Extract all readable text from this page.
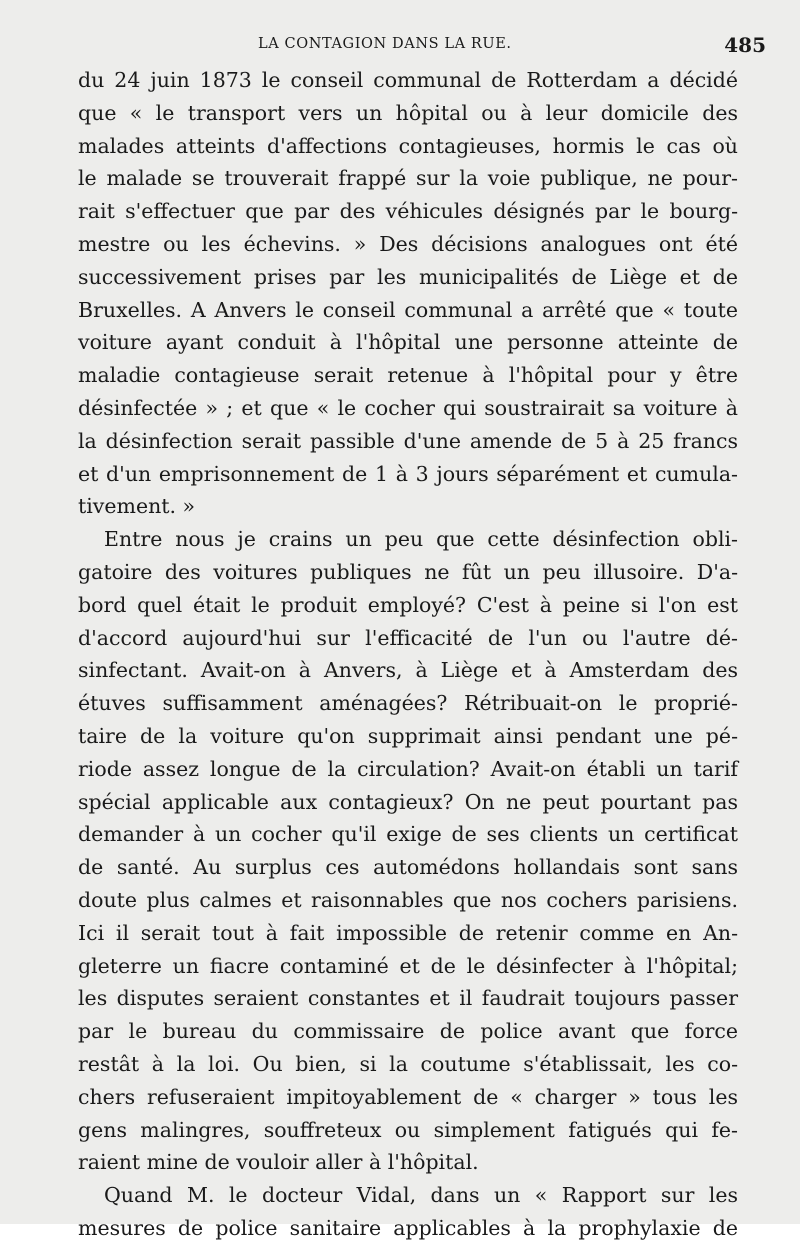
LA CONTAGION DANS LA RUE.	485
du 24 juin 1873 le conseil communal de Rotterdam a décidé
que « le transport vers un hôpital ou à leur domicile des
malades atteints d'affections contagieuses, hormis le cas où
le malade se trouverait frappé sur la voie publique, ne pour-
rait s'effectuer que par des véhicules désignés par le bourg-
mestre ou les échevins. » Des décisions analogues ont été
successivement prises par les municipalités de Liège et de
Bruxelles. A Anvers le conseil communal a arrêté que « toute
voiture ayant conduit à l'hôpital une personne atteinte de
maladie contagieuse serait retenue à l'hôpital pour y être
désinfectée » ; et que « le cocher qui soustrairait sa voiture à
la désinfection serait passible d'une amende de 5 à 25 francs
et d'un emprisonnement de 1 à 3 jours séparément et cumula-
tivement. »
Entre nous je crains un peu que cette désinfection obli-
gatoire des voitures publiques ne fût un peu illusoire. D'a-
bord quel était le produit employé? C'est à peine si l'on est
d'accord aujourd'hui sur l'efficacité de l'un ou l'autre dé-
sinfectant. Avait-on à Anvers, à Liège et à Amsterdam des
étuves suffisamment aménagées? Rétribuait-on le proprié-
taire de la voiture qu'on supprimait ainsi pendant une pé-
riode assez longue de la circulation? Avait-on établi un tarif
spécial applicable aux contagieux? On ne peut pourtant pas
demander à un cocher qu'il exige de ses clients un certificat
de santé. Au surplus ces automédons hollandais sont sans
doute plus calmes et raisonnables que nos cochers parisiens.
Ici il serait tout à fait impossible de retenir comme en An-
gleterre un fiacre contaminé et de le désinfecter à l'hôpital;
les disputes seraient constantes et il faudrait toujours passer
par le bureau du commissaire de police avant que force
restât à la loi. Ou bien, si la coutume s'établissait, les co-
chers refuseraient impitoyablement de « charger » tous les
gens malingres, souffreteux ou simplement fatigués qui fe-
raient mine de vouloir aller à l'hôpital.
Quand M. le docteur Vidal, dans un « Rapport sur les
mesures de police sanitaire applicables à la prophylaxie de
